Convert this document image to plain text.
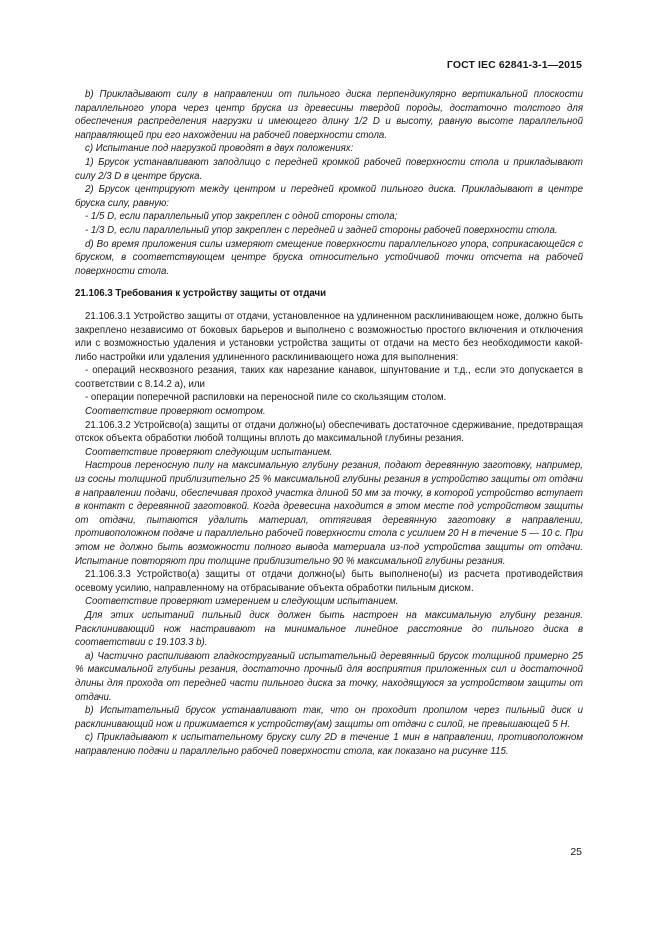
ГОСТ IEC 62841-3-1—2015

b) Прикладывают силу в направлении от пильного диска перпендикулярно вертикальной плоскости параллельного упора через центр бруска из древесины твердой породы, достаточно толстого для обеспечения распределения нагрузки и имеющего длину 1/2 D и высоту, равную высоте параллельной направляющей при его нахождении на рабочей поверхности стола.

c) Испытание под нагрузкой проводят в двух положениях:

1) Брусок устанавливают заподлицо с передней кромкой рабочей поверхности стола и прикладывают силу 2/3 D в центре бруска.

2) Брусок центрируют между центром и передней кромкой пильного диска. Прикладывают в центре бруска силу, равную:

- 1/5 D, если параллельный упор закреплен с одной стороны стола;

- 1/3 D, если параллельный упор закреплен с передней и задней стороны рабочей поверхности стола.

d) Во время приложения силы измеряют смещение поверхности параллельного упора, соприкасающейся с бруском, в соответствующем центре бруска относительно устойчивой точки отсчета на рабочей поверхности стола.

21.106.3 Требования к устройству защиты от отдачи

21.106.3.1 Устройство защиты от отдачи, установленное на удлиненном расклинивающем ноже, должно быть закреплено независимо от боковых барьеров и выполнено с возможностью простого включения и отключения или с возможностью удаления и установки устройства защиты от отдачи на место без необходимости какой-либо настройки или удаления удлиненного расклинивающего ножа для выполнения:

- операций несквозного резания, таких как нарезание канавок, шпунтование и т.д., если это допускается в соответствии с 8.14.2 а), или

- операции поперечной распиловки на переносной пиле со скользящим столом.

Соответствие проверяют осмотром.

21.106.3.2 Устройсво(а) защиты от отдачи должно(ы) обеспечивать достаточное сдерживание, предотвращая отскок объекта обработки любой толщины вплоть до максимальной глубины резания.

Соответствие проверяют следующим испытанием.

Настроив переносную пилу на максимальную глубину резания, подают деревянную заготовку, например, из сосны толщиной приблизительно 25 % максимальной глубины резания в устройство защиты от отдачи в направлении подачи, обеспечивая проход участка длиной 50 мм за точку, в которой устройство вступает в контакт с деревянной заготовкой. Когда древесина находится в этом месте под устройством защиты от отдачи, пытаются удалить материал, оттягивая деревянную заготовку в направлении, противоположном подаче и параллельно рабочей поверхности стола с усилием 20 Н в течение 5 — 10 с. При этом не должно быть возможности полного вывода материала из-под устройства защиты от отдачи. Испытание повторяют при толщине приблизительно 90 % максимальной глубины резания.

21.106.3.3 Устройство(а) защиты от отдачи должно(ы) быть выполнено(ы) из расчета противодействия осевому усилию, направленному на отбрасывание объекта обработки пильным диском.

Соответствие проверяют измерением и следующим испытанием.

Для этих испытаний пильный диск должен быть настроен на максимальную глубину резания. Расклинивающий нож настраивают на минимальное линейное расстояние до пильного диска в соответствии с 19.103.3 b).

a) Частично распиливают гладкоструганый испытательный деревянный брусок толщиной примерно 25 % максимальной глубины резания, достаточно прочный для восприятия приложенных сил и достаточной длины для прохода от передней части пильного диска за точку, находящуюся за устройством защиты от отдачи.

b) Испытательный брусок устанавливают так, что он проходит пропилом через пильный диск и расклинивающий нож и прижимается к устройству(ам) защиты от отдачи с силой, не превышающей 5 Н.

c) Прикладывают к испытательному бруску силу 2D в течение 1 мин в направлении, противоположном направлению подачи и параллельно рабочей поверхности стола, как показано на рисунке 115.

25
